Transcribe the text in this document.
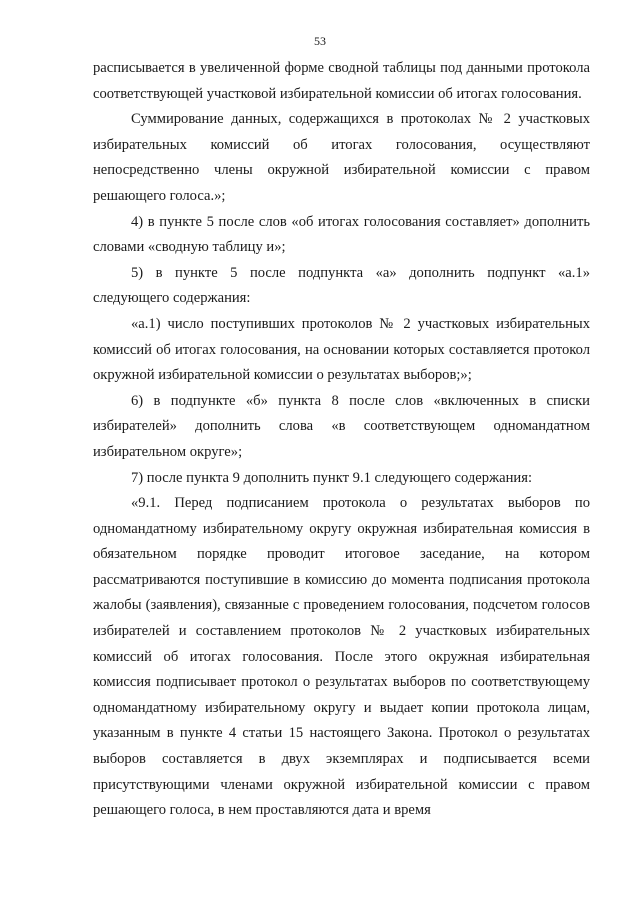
53

расписывается в увеличенной форме сводной таблицы под данными протокола соответствующей участковой избирательной комиссии об итогах голосования.

Суммирование данных, содержащихся в протоколах № 2 участковых избирательных комиссий об итогах голосования, осуществляют непосредственно члены окружной избирательной комиссии с правом решающего голоса.»;

4) в пункте 5 после слов «об итогах голосования составляет» дополнить словами «сводную таблицу и»;

5) в пункте 5 после подпункта «а» дополнить подпункт «а.1» следующего содержания:

«а.1) число поступивших протоколов № 2 участковых избирательных комиссий об итогах голосования, на основании которых составляется протокол окружной избирательной комиссии о результатах выборов;»;

6) в подпункте «б» пункта 8 после слов «включенных в списки избирателей» дополнить слова «в соответствующем одномандатном избирательном округе»;

7) после пункта 9 дополнить пункт 9.1 следующего содержания:

«9.1. Перед подписанием протокола о результатах выборов по одномандатному избирательному округу окружная избирательная комиссия в обязательном порядке проводит итоговое заседание, на котором рассматриваются поступившие в комиссию до момента подписания протокола жалобы (заявления), связанные с проведением голосования, подсчетом голосов избирателей и составлением протоколов № 2 участковых избирательных комиссий об итогах голосования. После этого окружная избирательная комиссия подписывает протокол о результатах выборов по соответствующему одномандатному избирательному округу и выдает копии протокола лицам, указанным в пункте 4 статьи 15 настоящего Закона. Протокол о результатах выборов составляется в двух экземплярах и подписывается всеми присутствующими членами окружной избирательной комиссии с правом решающего голоса, в нем проставляются дата и время
